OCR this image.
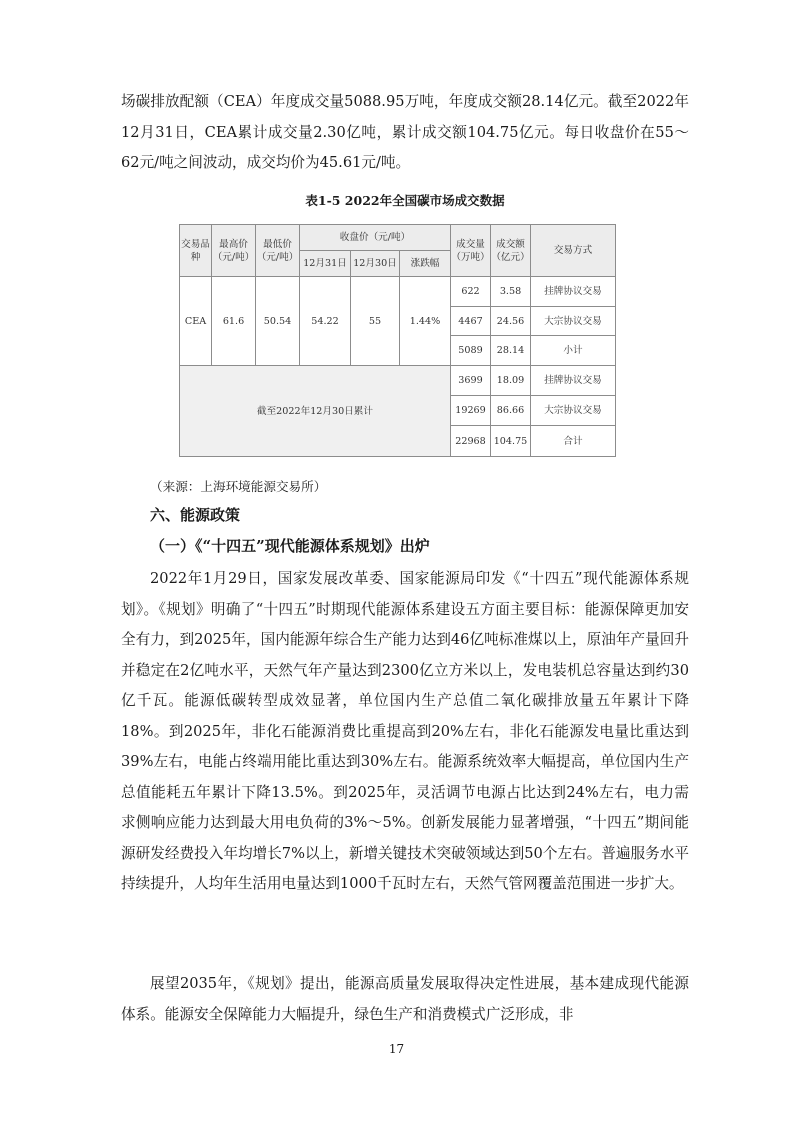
场碳排放配额（CEA）年度成交量5088.95万吨，年度成交额28.14亿元。截至2022年12月31日，CEA累计成交量2.30亿吨，累计成交额104.75亿元。每日收盘价在55～62元/吨之间波动，成交均价为45.61元/吨。

表1-5 2022年全国碳市场成交数据

交易品种	最高价（元/吨）	最低价（元/吨）	收盘价（元/吨）			成交量（万吨）	成交额（亿元）	交易方式
			12月31日	12月30日	涨跌幅			
CEA	61.6	50.54	54.22	55	1.44%	622	3.58	挂牌协议交易
						4467	24.56	大宗协议交易
						5089	28.14	小计
截至2022年12月30日累计						3699	18.09	挂牌协议交易
						19269	86.66	大宗协议交易
						22968	104.75	合计

（来源：上海环境能源交易所）

六、能源政策

（一）《“十四五”现代能源体系规划》出炉

2022年1月29日，国家发展改革委、国家能源局印发《“十四五”现代能源体系规划》。《规划》明确了“十四五”时期现代能源体系建设五方面主要目标：能源保障更加安全有力，到2025年，国内能源年综合生产能力达到46亿吨标准煤以上，原油年产量回升并稳定在2亿吨水平，天然气年产量达到2300亿立方米以上，发电装机总容量达到约30亿千瓦。能源低碳转型成效显著，单位国内生产总值二氧化碳排放量五年累计下降18%。到2025年，非化石能源消费比重提高到20%左右，非化石能源发电量比重达到39%左右，电能占终端用能比重达到30%左右。能源系统效率大幅提高，单位国内生产总值能耗五年累计下降13.5%。到2025年，灵活调节电源占比达到24%左右，电力需求侧响应能力达到最大用电负荷的3%～5%。创新发展能力显著增强，“十四五”期间能源研发经费投入年均增长7%以上，新增关键技术突破领域达到50个左右。普遍服务水平持续提升，人均年生活用电量达到1000千瓦时左右，天然气管网覆盖范围进一步扩大。

展望2035年，《规划》提出，能源高质量发展取得决定性进展，基本建成现代能源体系。能源安全保障能力大幅提升，绿色生产和消费模式广泛形成，非

17
